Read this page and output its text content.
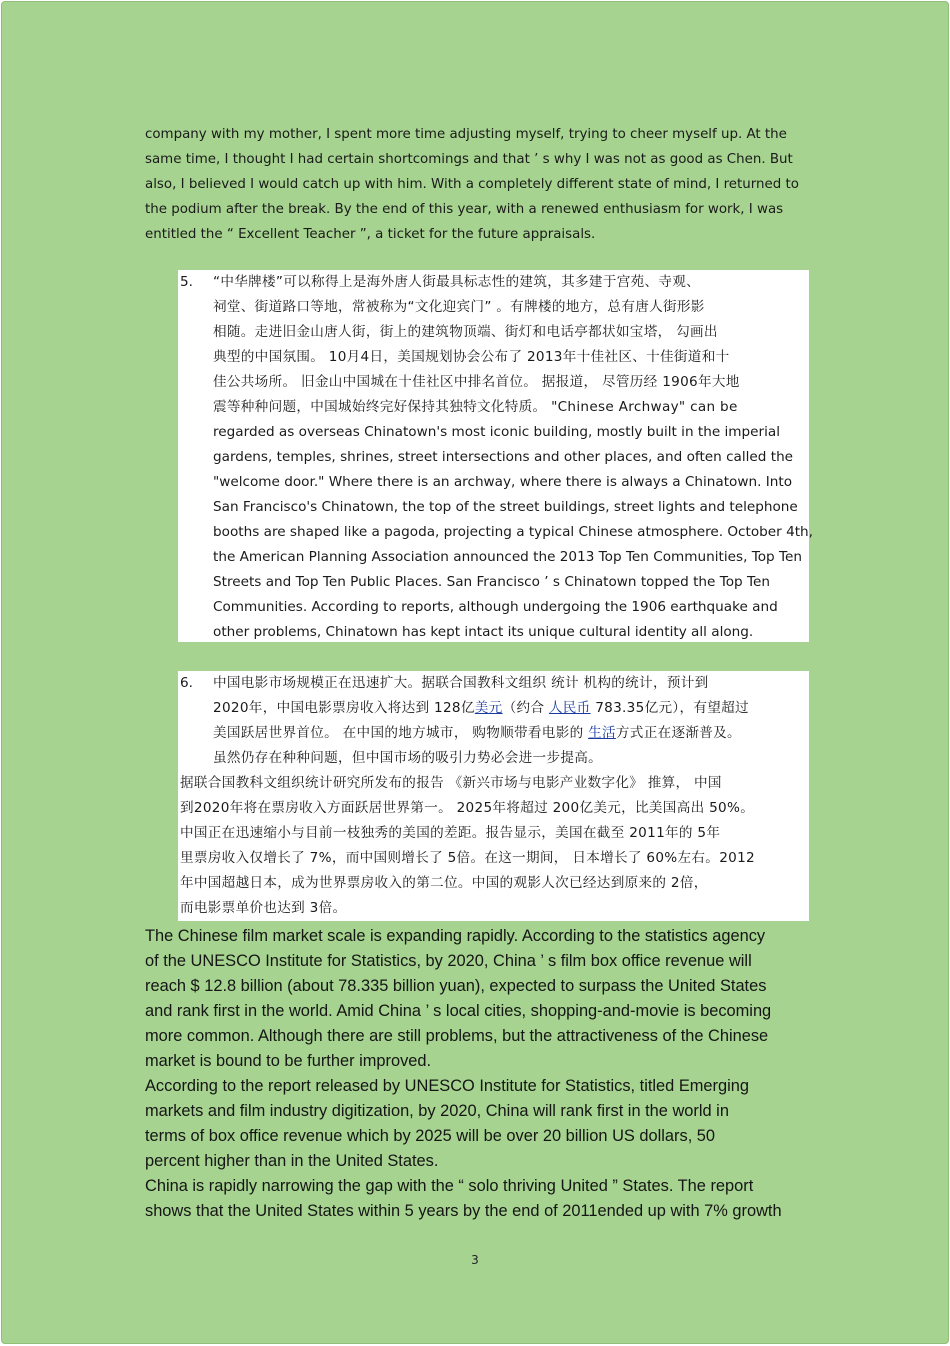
company with my mother, I spent more time adjusting myself, trying to cheer myself up. At the
same time, I thought I had certain shortcomings and that ’ s why I was not as good as Chen. But
also, I believed I would catch up with him. With a completely different state of mind, I returned to
the podium after the break. By the end of this year, with a renewed enthusiasm for work, I was
entitled the “ Excellent Teacher ”, a ticket for the future appraisals.
5.	“中华牌楼”可以称得上是海外唐人街最具标志性的建筑，其多建于宫苑、寺观、
祠堂、街道路口等地，常被称为“文化迎宾门” 。有牌楼的地方，总有唐人街形影
相随。走进旧金山唐人街，街上的建筑物顶端、街灯和电话亭都状如宝塔， 勾画出
典型的中国氛围。 10月4日，美国规划协会公布了 2013年十佳社区、十佳街道和十
佳公共场所。 旧金山中国城在十佳社区中排名首位。 据报道， 尽管历经 1906年大地
震等种种问题，中国城始终完好保持其独特文化特质。 "Chinese Archway" can be
regarded as overseas Chinatown's most iconic building, mostly built in the imperial
gardens, temples, shrines, street intersections and other places, and often called the
"welcome door." Where there is an archway, where there is always a Chinatown. Into
San Francisco's Chinatown, the top of the street buildings, street lights and telephone
booths are shaped like a pagoda, projecting a typical Chinese atmosphere. October 4th,
the American Planning Association announced the 2013 Top Ten Communities, Top Ten
Streets and Top Ten Public Places. San Francisco ’ s Chinatown topped the Top Ten
Communities. According to reports, although undergoing the 1906 earthquake and
other problems, Chinatown has kept intact its unique cultural identity all along.
6.	中国电影市场规模正在迅速扩大。据联合国教科文组织 统计 机构的统计，预计到
2020年，中国电影票房收入将达到 128亿美元（约合 人民币 783.35亿元），有望超过
美国跃居世界首位。 在中国的地方城市， 购物顺带看电影的 生活方式正在逐渐普及。
虽然仍存在种种问题，但中国市场的吸引力势必会进一步提高。
据联合国教科文组织统计研究所发布的报告 《新兴市场与电影产业数字化》 推算， 中国
到2020年将在票房收入方面跃居世界第一。 2025年将超过 200亿美元，比美国高出 50%。
中国正在迅速缩小与目前一枝独秀的美国的差距。报告显示，美国在截至 2011年的 5年
里票房收入仅增长了 7%，而中国则增长了 5倍。在这一期间， 日本增长了 60%左右。2012
年中国超越日本，成为世界票房收入的第二位。中国的观影人次已经达到原来的 2倍，
而电影票单价也达到 3倍。
The Chinese film market scale is expanding rapidly. According to the statistics agency
of the UNESCO Institute for Statistics, by 2020, China ’ s film box office revenue will
reach $ 12.8 billion (about 78.335 billion yuan), expected to surpass the United States
and rank first in the world. Amid China ’ s local cities, shopping-and-movie is becoming
more common. Although there are still problems, but the attractiveness of the Chinese
market is bound to be further improved.
According to the report released by UNESCO Institute for Statistics, titled Emerging
markets and film industry digitization, by 2020, China will rank first in the world in
terms of box office revenue which by 2025 will be over 20 billion US dollars, 50
percent higher than in the United States.
China is rapidly narrowing the gap with the “ solo thriving United ” States. The report
shows that the United States within 5 years by the end of 2011ended up with 7% growth
3
